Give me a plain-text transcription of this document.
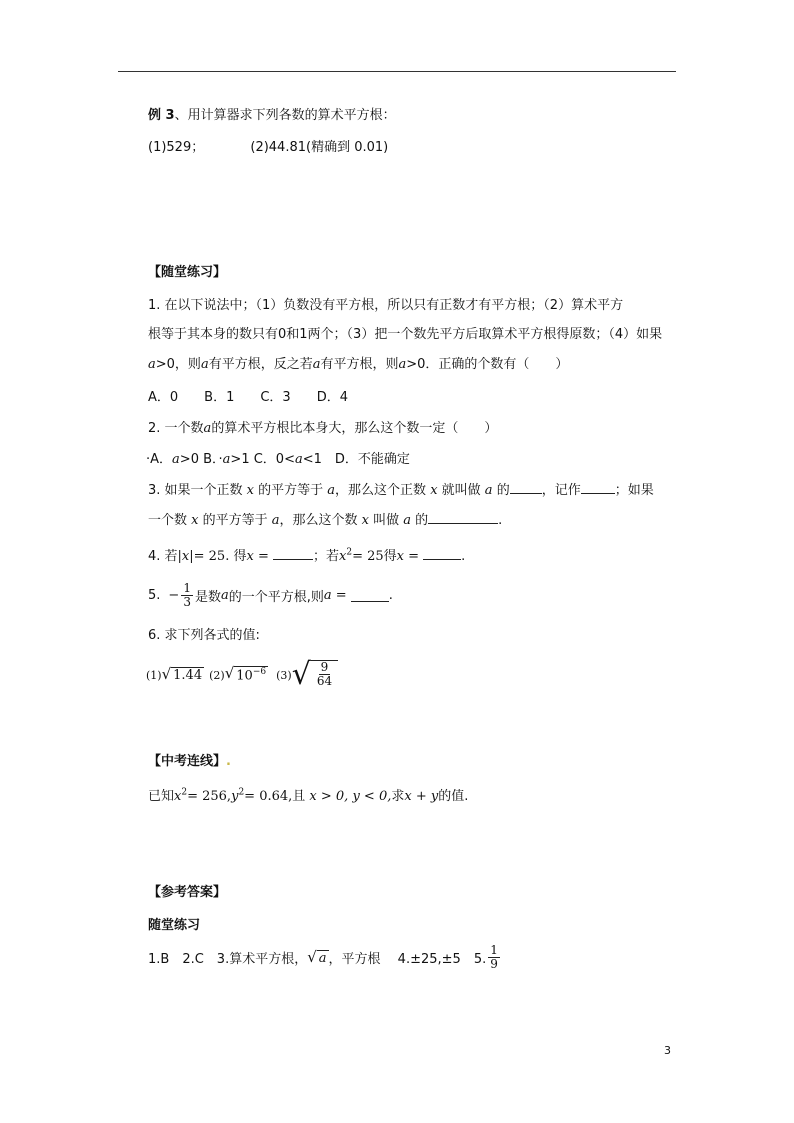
例 3、用计算器求下列各数的算术平方根：
(1)529；	(2)44.81(精确到 0.01)
【随堂练习】
1. 在以下说法中；（1）负数没有平方根，所以只有正数才有平方根；（2）算术平方
根等于其本身的数只有0和1两个；（3）把一个数先平方后取算术平方根得原数；（4）如果
a>0，则a有平方根，反之若a有平方根，则a>0．正确的个数有（　　）
A．0　　B．1　　C．3　　D．4
2. 一个数a的算术平方根比本身大，那么这个数一定（　　）
·A．a>0 B．·a>1 C．0<a<1　D．不能确定
3. 如果一个正数 x 的平方等于 a，那么这个正数 x 就叫做 a 的 ，记作	；如果
一个数 x 的平方等于 a，那么这个数 x 叫做 a 的	.
4. 若|x|= 25. 得x =	；若$x^2= 25$得x =	.
5. − $\frac{1}{3}$ 是数 a 的一个平方根,则 a =
	.
6. 求下列各式的值:
(1) √ 1.44 (2) √ $10^{-6}$ (3) √ $\frac{9}{64}$
【中考连线】.
已知$x^2= 256,y^2= 0.64$,且 x > 0, y < 0,求x + y的值.
【参考答案】
随堂练习
1.B　2.C　3.算术平方根， √ a ，平方根　 4.±25,±5　5. $\frac{1}{9}$
3
